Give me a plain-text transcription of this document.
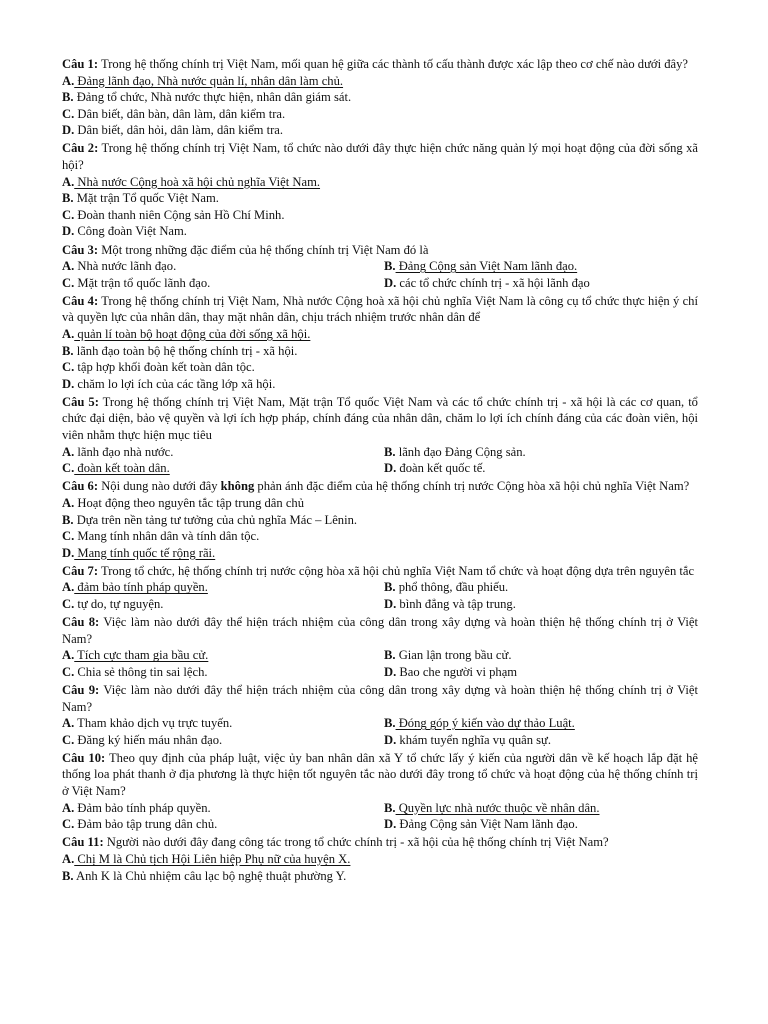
Câu 1: Trong hệ thống chính trị Việt Nam, mối quan hệ giữa các thành tố cấu thành được xác lập theo cơ chế nào dưới đây?
A. Đảng lãnh đạo, Nhà nước quản lí, nhân dân làm chủ.
B. Đảng tổ chức, Nhà nước thực hiện, nhân dân giám sát.
C. Dân biết, dân bàn, dân làm, dân kiểm tra.
D. Dân biết, dân hỏi, dân làm, dân kiểm tra.
Câu 2: Trong hệ thống chính trị Việt Nam, tổ chức nào dưới đây thực hiện chức năng quản lý mọi hoạt động của đời sống xã hội?
A. Nhà nước Cộng hoà xã hội chủ nghĩa Việt Nam.
B. Mặt trận Tổ quốc Việt Nam.
C. Đoàn thanh niên Cộng sản Hồ Chí Minh.
D. Công đoàn Việt Nam.
Câu 3: Một trong những đặc điểm của hệ thống chính trị Việt Nam đó là
A. Nhà nước lãnh đạo.	B. Đảng Cộng sản Việt Nam lãnh đạo.
C. Mặt trận tổ quốc lãnh đạo.	D. các tổ chức chính trị - xã hội lãnh đạo
Câu 4: Trong hệ thống chính trị Việt Nam, Nhà nước Cộng hoà xã hội chủ nghĩa Việt Nam là công cụ tổ chức thực hiện ý chí và quyền lực của nhân dân, thay mặt nhân dân, chịu trách nhiệm trước nhân dân để
A. quản lí toàn bộ hoạt động của đời sống xã hội.
B. lãnh đạo toàn bộ hệ thống chính trị - xã hội.
C. tập hợp khối đoàn kết toàn dân tộc.
D. chăm lo lợi ích của các tầng lớp xã hội.
Câu 5: Trong hệ thống chính trị Việt Nam, Mặt trận Tổ quốc Việt Nam và các tổ chức chính trị - xã hội là các cơ quan, tổ chức đại diện, bảo vệ quyền và lợi ích hợp pháp, chính đáng của nhân dân, chăm lo lợi ích chính đáng của các đoàn viên, hội viên nhằm thực hiện mục tiêu
A. lãnh đạo nhà nước.	B. lãnh đạo Đảng Cộng sản.
C. đoàn kết toàn dân.	D. đoàn kết quốc tế.
Câu 6: Nội dung nào dưới đây không phản ánh đặc điểm của hệ thống chính trị nước Cộng hòa xã hội chủ nghĩa Việt Nam?
A. Hoạt động theo nguyên tắc tập trung dân chủ
B. Dựa trên nền tảng tư tưởng của chủ nghĩa Mác – Lênin.
C. Mang tính nhân dân và tính dân tộc.
D. Mang tính quốc tế rộng rãi.
Câu 7: Trong tổ chức, hệ thống chính trị nước cộng hòa xã hội chủ nghĩa Việt Nam tổ chức và hoạt động dựa trên nguyên tắc
A. đảm bảo tính pháp quyền.	B. phổ thông, đầu phiếu.
C. tự do, tự nguyện.	D. bình đẳng và tập trung.
Câu 8: Việc làm nào dưới đây thể hiện trách nhiệm của công dân trong xây dựng và hoàn thiện hệ thống chính trị ở Việt Nam?
A. Tích cực tham gia bầu cử.	B. Gian lận trong bầu cử.
C. Chia sẻ thông tin sai lệch.	D. Bao che người vi phạm
Câu 9: Việc làm nào dưới đây thể hiện trách nhiệm của công dân trong xây dựng và hoàn thiện hệ thống chính trị ở Việt Nam?
A. Tham khảo dịch vụ trực tuyến.	B. Đóng góp ý kiến vào dự thảo Luật.
C. Đăng ký hiến máu nhân đạo.	D. khám tuyển nghĩa vụ quân sự.
Câu 10: Theo quy định của pháp luật, việc ủy ban nhân dân xã Y tổ chức lấy ý kiến của người dân về kế hoạch lắp đặt hệ thống loa phát thanh ở địa phương là thực hiện tốt nguyên tắc nào dưới đây trong tổ chức và hoạt động của hệ thống chính trị ở Việt Nam?
A. Đảm bảo tính pháp quyền.	B. Quyền lực nhà nước thuộc về nhân dân.
C. Đảm bảo tập trung dân chủ.	D. Đảng Cộng sản Việt Nam lãnh đạo.
Câu 11: Người nào dưới đây đang công tác trong tổ chức chính trị - xã hội của hệ thống chính trị Việt Nam?
A. Chị M là Chủ tịch Hội Liên hiệp Phụ nữ của huyện X.
B. Anh K là Chủ nhiệm câu lạc bộ nghệ thuật phường Y.
